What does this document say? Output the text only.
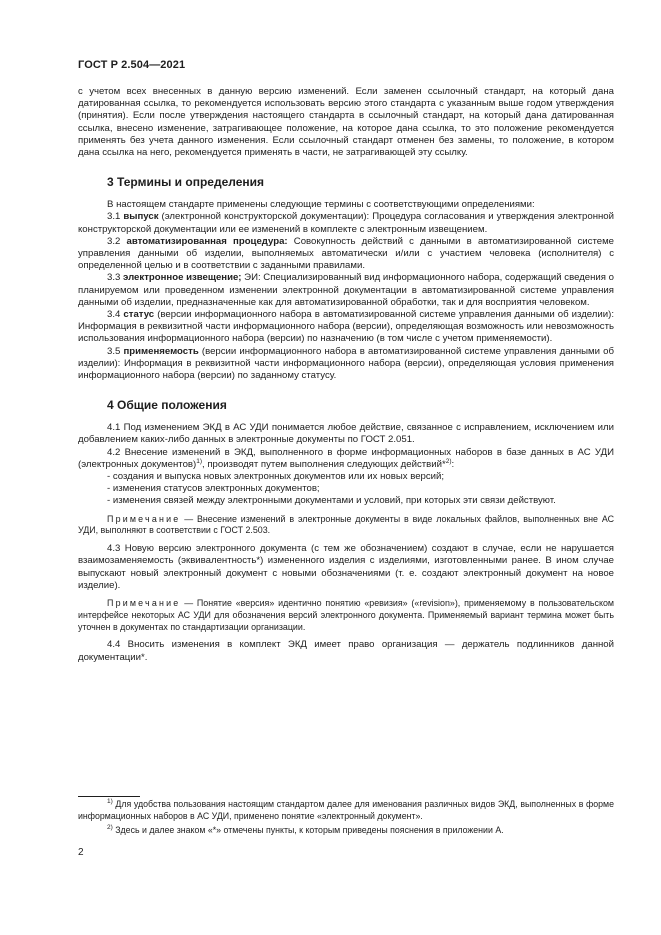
ГОСТ Р 2.504—2021

с учетом всех внесенных в данную версию изменений. Если заменен ссылочный стандарт, на который дана датированная ссылка, то рекомендуется использовать версию этого стандарта с указанным выше годом утверждения (принятия). Если после утверждения настоящего стандарта в ссылочный стандарт, на который дана датированная ссылка, внесено изменение, затрагивающее положение, на которое дана ссылка, то это положение рекомендуется применять без учета данного изменения. Если ссылочный стандарт отменен без замены, то положение, в котором дана ссылка на него, рекомендуется применять в части, не затрагивающей эту ссылку.

3 Термины и определения

В настоящем стандарте применены следующие термины с соответствующими определениями:

3.1 выпуск (электронной конструкторской документации): Процедура согласования и утверждения электронной конструкторской документации или ее изменений в комплекте с электронным извещением.

3.2 автоматизированная процедура: Совокупность действий с данными в автоматизированной системе управления данными об изделии, выполняемых автоматически и/или с участием человека (исполнителя) с определенной целью и в соответствии с заданными правилами.

3.3 электронное извещение; ЭИ: Специализированный вид информационного набора, содержащий сведения о планируемом или проведенном изменении электронной документации в автоматизированной системе управления данными об изделии, предназначенные как для автоматизированной обработки, так и для восприятия человеком.

3.4 статус (версии информационного набора в автоматизированной системе управления данными об изделии): Информация в реквизитной части информационного набора (версии), определяющая возможность или невозможность использования информационного набора (версии) по назначению (в том числе с учетом применяемости).

3.5 применяемость (версии информационного набора в автоматизированной системе управления данными об изделии): Информация в реквизитной части информационного набора (версии), определяющая условия применения информационного набора (версии) по заданному статусу.

4 Общие положения

4.1 Под изменением ЭКД в АС УДИ понимается любое действие, связанное с исправлением, исключением или добавлением каких-либо данных в электронные документы по ГОСТ 2.051.

4.2 Внесение изменений в ЭКД, выполненного в форме информационных наборов в базе данных в АС УДИ (электронных документов)$^{1)}$, производят путем выполнения следующих действий*$^{2)}$:

- создания и выпуска новых электронных документов или их новых версий;

- изменения статусов электронных документов;

- изменения связей между электронными документами и условий, при которых эти связи действуют.

Примечание — Внесение изменений в электронные документы в виде локальных файлов, выполненных вне АС УДИ, выполняют в соответствии с ГОСТ 2.503.

4.3 Новую версию электронного документа (с тем же обозначением) создают в случае, если не нарушается взаимозаменяемость (эквивалентность*) измененного изделия с изделиями, изготовленными ранее. В ином случае выпускают новый электронный документ с новыми обозначениями (т. е. создают электронный документ на новое изделие).

Примечание — Понятие «версия» идентично понятию «ревизия» («revision»), применяемому в пользовательском интерфейсе некоторых АС УДИ для обозначения версий электронного документа. Применяемый вариант термина может быть уточнен в документах по стандартизации организации.

4.4 Вносить изменения в комплект ЭКД имеет право организация — держатель подлинников данной документации*.

$^{1)}$ Для удобства пользования настоящим стандартом далее для именования различных видов ЭКД, выполненных в форме информационных наборов в АС УДИ, применено понятие «электронный документ».

$^{2)}$ Здесь и далее знаком «*» отмечены пункты, к которым приведены пояснения в приложении А.

2
